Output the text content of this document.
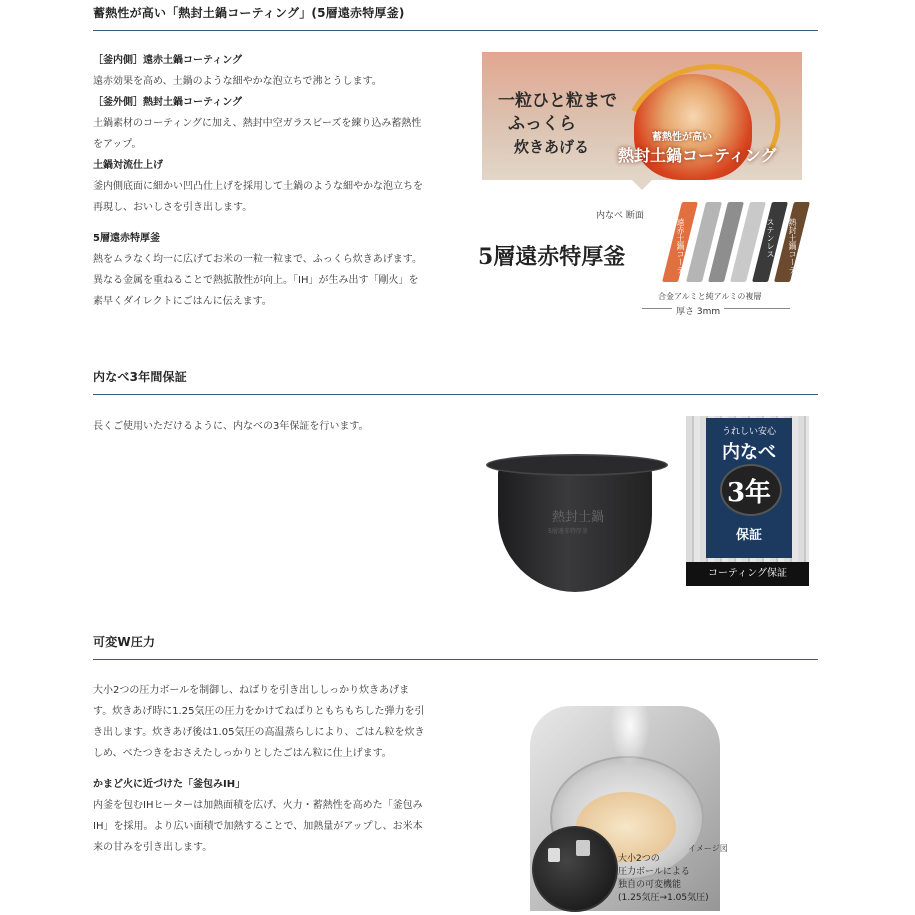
蓄熱性が高い「熱封土鍋コーティング」(5層遠赤特厚釜)

［釜内側］遠赤土鍋コーティング

遠赤効果を高め、土鍋のような細やかな泡立ちで沸とうします。

［釜外側］熱封土鍋コーティング

土鍋素材のコーティングに加え、熱封中空ガラスビーズを練り込み蓄熱性

をアップ。

土鍋対流仕上げ

釜内側底面に細かい凹凸仕上げを採用して土鍋のような細やかな泡立ちを

再現し、おいしさを引き出します。

5層遠赤特厚釜

熱をムラなく均一に広げてお米の一粒一粒まで、ふっくら炊きあげます。

異なる金属を重ねることで熱拡散性が向上。「IH」が生み出す「剛火」を

素早くダイレクトにごはんに伝えます。

一粒ひと粒まで
ふっくら
炊きあげる
蓄熱性が高い
熱封土鍋コーティング
内なべ 断面
5層遠赤特厚釜	遠赤土鍋コーティング	ステンレス 熱封土鍋コーティング
合金アルミと純アルミの複層
厚さ 3mm
内なべ3年間保証

長くご使用いただけるように、内なべの3年保証を行います。

熱封土鍋
5層遠赤特厚釜
うれしい安心
内なべ
3年
保証
コーティング保証
可変W圧力

大小2つの圧力ボールを制御し、ねばりを引き出ししっかり炊きあげま

す。炊きあげ時に1.25気圧の圧力をかけてねばりともちもちした弾力を引

き出します。炊きあげ後は1.05気圧の高温蒸らしにより、ごはん粒を炊き

しめ、べたつきをおさえたしっかりとしたごはん粒に仕上げます。

かまど火に近づけた「釜包みIH」

内釜を包むIHヒーターは加熱面積を広げ、火力・蓄熱性を高めた「釜包み

IH」を採用。より広い面積で加熱することで、加熱量がアップし、お米本

来の甘みを引き出します。	イメージ図
大小2つの
圧力ボールによる
独自の可変機能
(1.25気圧→1.05気圧)
